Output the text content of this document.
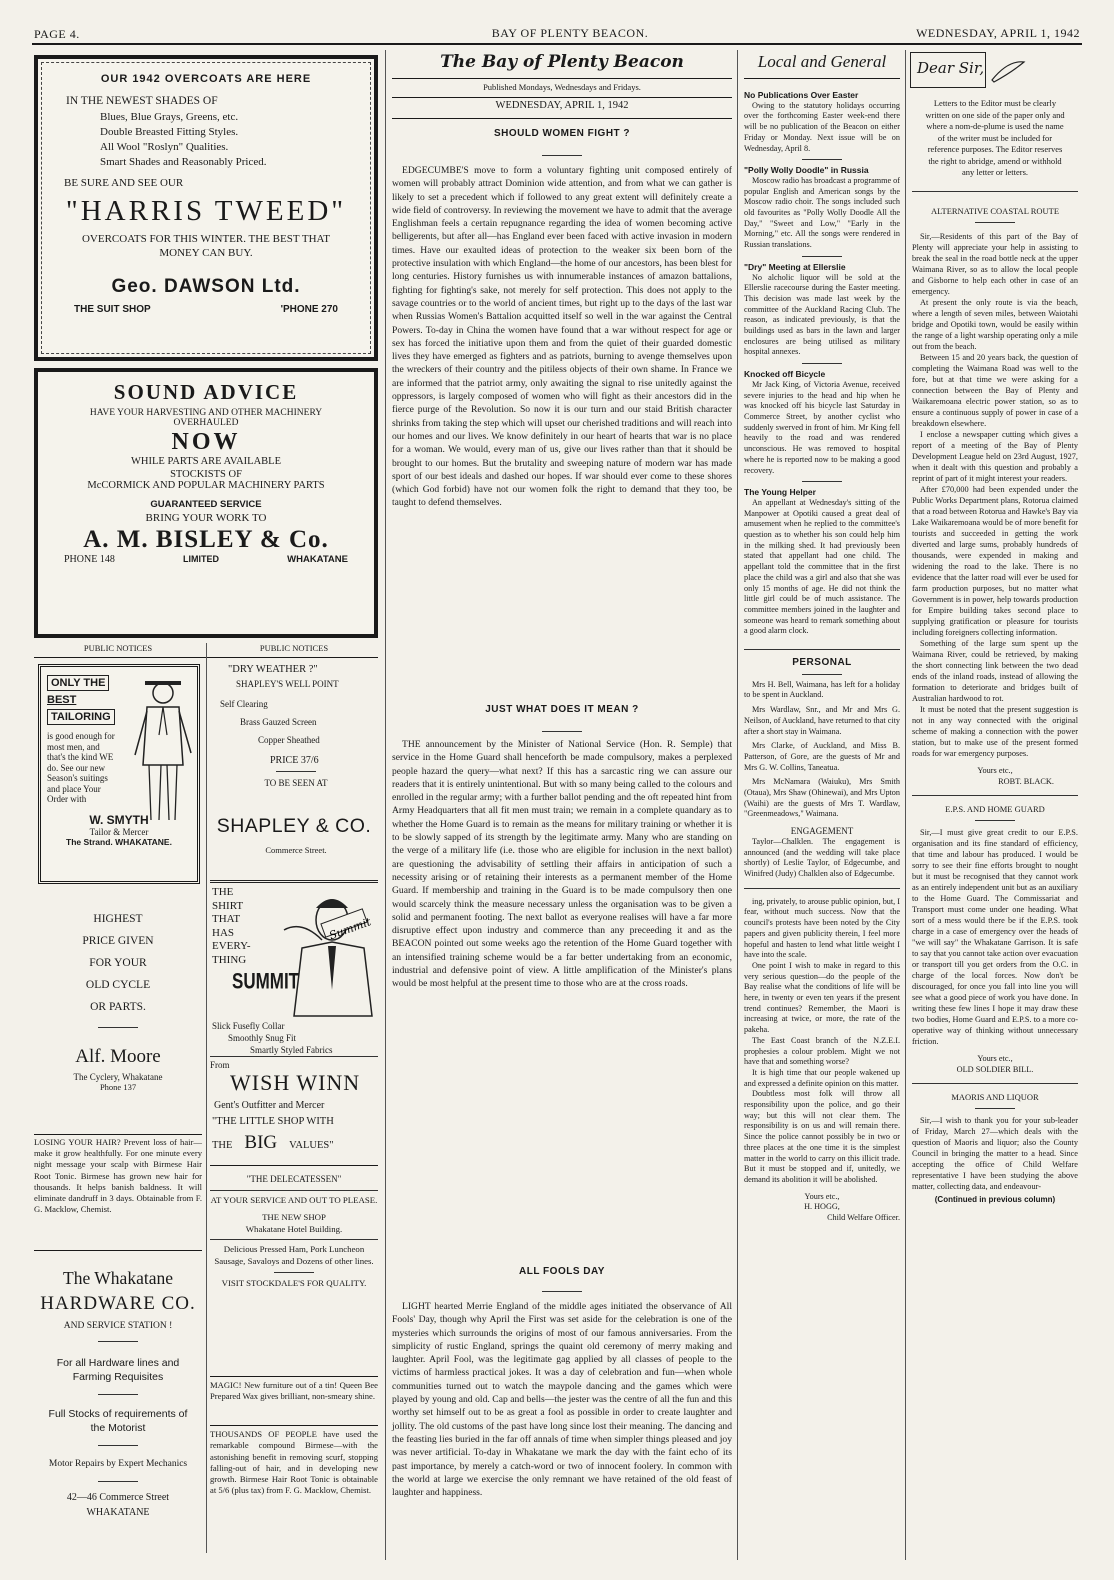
PAGE 4.	BAY OF PLENTY BEACON.	WEDNESDAY, APRIL 1, 1942
OUR 1942 OVERCOATS ARE HERE
IN THE NEWEST SHADES OF
Blues, Blue Grays, Greens, etc.
Double Breasted Fitting Styles.
All Wool "Roslyn" Qualities.
Smart Shades and Reasonably Priced.
BE SURE AND SEE OUR
"HARRIS TWEED"
OVERCOATS FOR THIS WINTER. THE BEST THAT MONEY CAN BUY.
Geo. DAWSON Ltd.
THE SUIT SHOP	'PHONE 270
SOUND ADVICE
HAVE YOUR HARVESTING AND OTHER MACHINERY
OVERHAULED
NOW
WHILE PARTS ARE AVAILABLE
STOCKISTS OF
McCORMICK AND POPULAR MACHINERY PARTS
GUARANTEED SERVICE
BRING YOUR WORK TO
A. M. BISLEY & Co.
PHONE 148	LIMITED	WHAKATANE
PUBLIC NOTICES	PUBLIC NOTICES
ONLY THE
BEST
TAILORING
is good enough for most men, and that's the kind WE do. See our new Season's suitings and place Your Order with
W. SMYTH
Tailor & Mercer
The Strand. WHAKATANE.
HIGHEST
PRICE GIVEN
FOR YOUR
OLD CYCLE
OR PARTS.
Alf. Moore
The Cyclery, Whakatane
Phone 137
LOSING YOUR HAIR? Prevent loss of hair—make it grow healthfully. For one minute every night message your scalp with Birmese Hair Root Tonic. Birmese has grown new hair for thousands. It helps banish baldness. It will eliminate dandruff in 3 days. Obtainable from F. G. Macklow, Chemist.
The Whakatane
HARDWARE CO.
AND SERVICE STATION !
For all Hardware lines and Farming Requisites
Full Stocks of requirements of the Motorist
Motor Repairs by Expert Mechanics
42—46 Commerce Street
WHAKATANE
"DRY WEATHER ?"
SHAPLEY'S WELL POINT
Self Clearing
Brass Gauzed Screen
Copper Sheathed
PRICE 37/6
TO BE SEEN AT
SHAPLEY & CO.
Commerce Street.
THE
SHIRT
THAT
HAS
EVERY-
THING
SUMMIT
Summit
Slick Fusefly Collar
Smoothly Snug Fit
Smartly Styled Fabrics
From
WISH WINN
Gent's Outfitter and Mercer
"THE LITTLE SHOP WITH
THE BIG VALUES"
"THE DELECATESSEN"
AT YOUR SERVICE AND OUT TO PLEASE.
THE NEW SHOP
Whakatane Hotel Building.
Delicious Pressed Ham, Pork Luncheon Sausage, Savaloys and Dozens of other lines.
VISIT STOCKDALE'S FOR QUALITY.
MAGIC! New furniture out of a tin! Queen Bee Prepared Wax gives brilliant, non-smeary shine.
THOUSANDS OF PEOPLE have used the remarkable compound Birmese—with the astonishing benefit in removing scurf, stopping falling-out of hair, and in developing new growth. Birmese Hair Root Tonic is obtainable at 5/6 (plus tax) from F. G. Macklow, Chemist.
The Bay of Plenty Beacon
Published Mondays, Wednesdays and Fridays.
WEDNESDAY, APRIL 1, 1942
SHOULD WOMEN FIGHT ?

EDGECUMBE'S move to form a voluntary fighting unit composed entirely of women will probably attract Dominion wide attention, and from what we can gather is likely to set a precedent which if followed to any great extent will definitely create a wide field of controversy. In reviewing the movement we have to admit that the average Englishman feels a certain repugnance regarding the idea of women becoming active belligerents, but after all—has England ever been faced with active invasion in modern times. Have our exaulted ideas of protection to the weaker six been born of the protective insulation with which England—the home of our ancestors, has been blest for long centuries. History furnishes us with innumerable instances of amazon battalions, fighting for fighting's sake, not merely for self protection. This does not apply to the savage countries or to the world of ancient times, but right up to the days of the last war when Russias Women's Battalion acquitted itself so well in the war against the Central Powers. To-day in China the women have found that a war without respect for age or sex has forced the initiative upon them and from the quiet of their guarded domestic lives they have emerged as fighters and as patriots, burning to avenge themselves upon the wreckers of their country and the pitiless objects of their own shame. In France we are informed that the patriot army, only awaiting the signal to rise unitedly against the oppressors, is largely composed of women who will fight as their ancestors did in the fierce purge of the Revolution. So now it is our turn and our staid British character shrinks from taking the step which will upset our cherished traditions and will reach into our homes and our lives. We know definitely in our heart of hearts that war is no place for a woman. We would, every man of us, give our lives rather than that it should be brought to our homes. But the brutality and sweeping nature of modern war has made sport of our best ideals and dashed our hopes. If war should ever come to these shores (which God forbid) have not our women folk the right to demand that they too, be taught to defend themselves.

JUST WHAT DOES IT MEAN ?

THE announcement by the Minister of National Service (Hon. R. Semple) that service in the Home Guard shall henceforth be made compulsory, makes a perplexed people hazard the query—what next? If this has a sarcastic ring we can assure our readers that it is entirely unintentional. But with so many being called to the colours and enrolled in the regular army; with a further ballot pending and the oft repeated hint from Army Headquarters that all fit men must train; we remain in a complete quandary as to whether the Home Guard is to remain as the means for military training or whether it is to be slowly sapped of its strength by the legitimate army. Many who are standing on the verge of a military life (i.e. those who are eligible for inclusion in the next ballot) are questioning the advisability of settling their affairs in anticipation of such a necessity arising or of retaining their interests as a permanent member of the Home Guard. If membership and training in the Guard is to be made compulsory then one would scarcely think the measure necessary unless the organisation was to be given a solid and permanent footing. The next ballot as everyone realises will have a far more disruptive effect upon industry and commerce than any preceeding it and as the BEACON pointed out some weeks ago the retention of the Home Guard together with an intensified training scheme would be a far better undertaking from an economic, industrial and defensive point of view. A little amplification of the Minister's plans would be most helpful at the present time to those who are at the cross roads.

ALL FOOLS DAY

LIGHT hearted Merrie England of the middle ages initiated the observance of All Fools' Day, though why April the First was set aside for the celebration is one of the mysteries which surrounds the origins of most of our famous anniversaries. From the simplicity of rustic England, springs the quaint old ceremony of merry making and laughter. April Fool, was the legitimate gag applied by all classes of people to the victims of harmless practical jokes. It was a day of celebration and fun—when whole communities turned out to watch the maypole dancing and the games which were played by young and old. Cap and bells—the jester was the centre of all the fun and this worthy set himself out to be as great a fool as possible in order to create laughter and jollity. The old customs of the past have long since lost their meaning. The dancing and the feasting lies buried in the far off annals of time when simpler things pleased and joy was never artificial. To-day in Whakatane we mark the day with the faint echo of its past importance, by merely a catch-word or two of innocent foolery. In common with the world at large we exercise the only remnant we have retained of the old feast of laughter and happiness.

Local and General
No Publications Over Easter

Owing to the statutory holidays occurring over the forthcoming Easter week-end there will be no publication of the Beacon on either Friday or Monday. Next issue will be on Wednesday, April 8.

"Polly Wolly Doodle" in Russia

Moscow radio has broadcast a programme of popular English and American songs by the Moscow radio choir. The songs included such old favourites as "Polly Wolly Doodle All the Day," "Sweet and Low," "Early in the Morning," etc. All the songs were rendered in Russian translations.

"Dry" Meeting at Ellerslie

No alcholic liquor will be sold at the Ellerslie racecourse during the Easter meeting. This decision was made last week by the committee of the Auckland Racing Club. The reason, as indicated previously, is that the buildings used as bars in the lawn and larger enclosures are being utilised as military hospital annexes.

Knocked off Bicycle

Mr Jack King, of Victoria Avenue, received severe injuries to the head and hip when he was knocked off his bicycle last Saturday in Commerce Street, by another cyclist who suddenly swerved in front of him. Mr King fell heavily to the road and was rendered unconscious. He was removed to hospital where he is reported now to be making a good recovery.

The Young Helper

An appellant at Wednesday's sitting of the Manpower at Opotiki caused a great deal of amusement when he replied to the committee's question as to whether his son could help him in the milking shed. It had previously been stated that appellant had one child. The appellant told the committee that in the first place the child was a girl and also that she was only 15 months of age. He did not think the little girl could be of much assistance. The committee members joined in the laughter and someone was heard to remark something about a good alarm clock.

PERSONAL

Mrs H. Bell, Waimana, has left for a holiday to be spent in Auckland.

Mrs Wardlaw, Snr., and Mr and Mrs G. Neilson, of Auckland, have returned to that city after a short stay in Waimana.

Mrs Clarke, of Auckland, and Miss B. Patterson, of Gore, are the guests of Mr and Mrs G. W. Collins, Taneatua.

Mrs McNamara (Waiuku), Mrs Smith (Otaua), Mrs Shaw (Ohinewai), and Mrs Upton (Waihi) are the guests of Mrs T. Wardlaw, "Greenmeadows," Waimana.

ENGAGEMENT

Taylor—Chalklen. The engagement is announced (and the wedding will take place shortly) of Leslie Taylor, of Edgecumbe, and Winifred (Judy) Chalklen also of Edgecumbe.

ing, privately, to arouse public opinion, but, I fear, without much success. Now that the council's protests have been noted by the City papers and given publicity therein, I feel more hopeful and hasten to lend what little weight I have into the scale.

One point I wish to make in regard to this very serious question—do the people of the Bay realise what the conditions of life will be here, in twenty or even ten years if the present trend continues? Remember, the Maori is increasing at twice, or more, the rate of the pakeha.

The East Coast branch of the N.Z.E.I. prophesies a colour problem. Might we not have that and something worse?

It is high time that our people wakened up and expressed a definite opinion on this matter.

Doubtless most folk will throw all responsibility upon the police, and go their way; but this will not clear them. The responsibility is on us and will remain there. Since the police cannot possibly be in two or three places at the one time it is the simplest matter in the world to carry on this illicit trade. But it must be stopped and if, unitedly, we demand its abolition it will be abolished.

Yours etc.,
H. HOGG,
Child Welfare Officer.
Dear Sir,

Letters to the Editor must be clearly written on one side of the paper only and where a nom-de-plume is used the name of the writer must be included for reference purposes. The Editor reserves the right to abridge, amend or withhold any letter or letters.

ALTERNATIVE COASTAL ROUTE

Sir,—Residents of this part of the Bay of Plenty will appreciate your help in assisting to break the seal in the road bottle neck at the upper Waimana River, so as to allow the local people and Gisborne to help each other in case of an emergency.

At present the only route is via the beach, where a length of seven miles, between Waiotahi bridge and Opotiki town, would be easily within the range of a light warship operating only a mile out from the beach.

Between 15 and 20 years back, the question of completing the Waimana Road was well to the fore, but at that time we were asking for a connection between the Bay of Plenty and Waikaremoana electric power station, so as to ensure a continuous supply of power in case of a breakdown elsewhere.

I enclose a newspaper cutting which gives a report of a meeting of the Bay of Plenty Development League held on 23rd August, 1927, when it dealt with this question and probably a reprint of part of it might interest your readers.

After £70,000 had been expended under the Public Works Department plans, Rotorua claimed that a road between Rotorua and Hawke's Bay via Lake Waikaremoana would be of more benefit for tourists and succeeded in getting the work diverted and large sums, probably hundreds of thousands, were expended in making and widening the road to the lake. There is no evidence that the latter road will ever be used for farm production purposes, but no matter what Government is in power, help towards production for Empire building takes second place to supplying gratification or pleasure for tourists including foreigners collecting information.

Something of the large sum spent up the Waimana River, could be retrieved, by making the short connecting link between the two dead ends of the inland roads, instead of allowing the formation to deteriorate and bridges built of Australian hardwood to rot.

It must be noted that the present suggestion is not in any way connected with the original scheme of making a connection with the power station, but to make use of the present formed roads for war emergency purposes.

Yours etc.,
ROBT. BLACK.
E.P.S. AND HOME GUARD

Sir,—I must give great credit to our E.P.S. organisation and its fine standard of efficiency, that time and labour has produced. I would be sorry to see their fine efforts brought to nought but it must be recognised that they cannot work as an entirely independent unit but as an auxiliary to the Home Guard. The Commissariat and Transport must come under one heading. What sort of a mess would there be if the E.P.S. took charge in a case of emergency over the heads of "we will say" the Whakatane Garrison. It is safe to say that you cannot take action over evacuation or transport till you get orders from the O.C. in charge of the local forces. Now don't be discouraged, for once you fall into line you will see what a good piece of work you have done. In writing these few lines I hope it may draw these two bodies, Home Guard and E.P.S. to a more co-operative way of thinking without unnecessary friction.

Yours etc.,
OLD SOLDIER BILL.
MAORIS AND LIQUOR

Sir,—I wish to thank you for your sub-leader of Friday, March 27—which deals with the question of Maoris and liquor; also the County Council in bringing the matter to a head. Since accepting the office of Child Welfare representative I have been studying the above matter, collecting data, and endeavour-

(Continued in previous column)
